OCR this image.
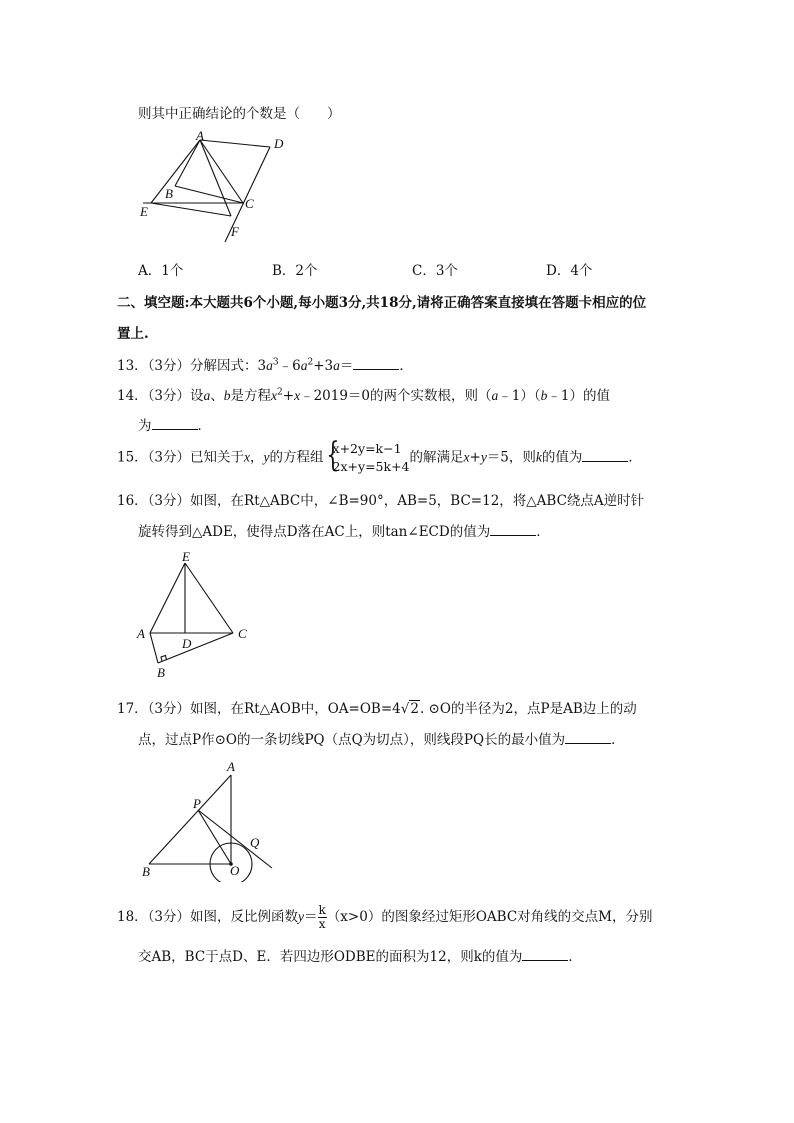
则其中正确结论的个数是（　　）
A
D
B
E
C
F
A．1个	B．2个	C．3个	D．4个
二、填空题:本大题共6个小题,每小题3分,共18分,请将正确答案直接填在答题卡相应的位
置上.
13．（3分）分解因式：$3a^3﹣6a^2+3a=$	．
14．（3分）设a、b是方程$x^2+x﹣2019=0$的两个实数根，则（a﹣1）（b﹣1）的值
为	．
15．（3分）已知关于x，y的方程组 {
x+2y=k−1
2x+y=5k+4
的解满足x+y＝5，则k的值为	．
16．（3分）如图，在Rt△ABC中，∠B=90°，AB=5，BC=12，将△ABC绕点A逆时针
旋转得到△ADE，使得点D落在AC上，则tan∠ECD的值为	．
E
A
D
C
B
17．（3分）如图，在Rt△AOB中，OA=OB=4√2. ⊙O的半径为2，点P是AB边上的动
点，过点P作⊙O的一条切线PQ（点Q为切点），则线段PQ长的最小值为	．
A
P
Q
B	O
18．（3分）如图，反比例函数$y= \frac{k}{x} (x>0)$的图象经过矩形OABC对角线的交点M，分别
交AB，BC于点D、E．若四边形ODBE的面积为12，则k的值为	．
